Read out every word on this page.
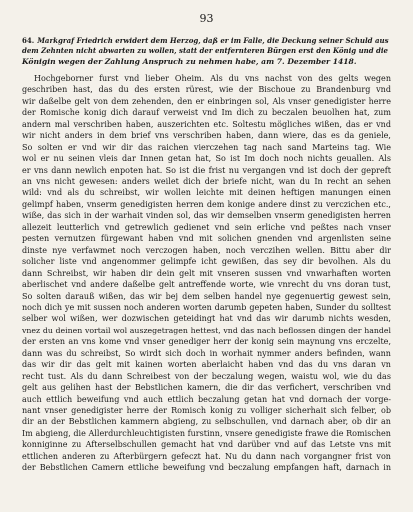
93
64. Markgraf Friedrich erwidert dem Herzog, daß er im Falle, die Deckung seiner Schuld aus
dem Zehnten nicht abwarten zu wollen, statt der entfernteren Bürgen erst den König und die
Königin wegen der Zahlung Anspruch zu nehmen habe, am 7. Dezember 1418.
Hochgeborner furst vnd lieber Oheim. Als du vns nachst von des gelts wegen
geschriben hast, das du des ersten rürest, wie der Bischoue zu Brandenburg vnd
wir daßelbe gelt von dem zehenden, den er einbringen sol, Als vnser genedigister herre
der Romische konig dich darauf verweist vnd Im dich zu beczalen beuolhen hat, zum
andern mal verschriben haben, auszerichten etc. Soltestu mögliches wißen, das er vnd
wir nicht anders in dem brief vns verschriben haben, dann wiere, das es da geniele,
So solten er vnd wir dir das raichen vierczehen tag nach sand Marteins tag. Wie
wol er nu seinen vleis dar Innen getan hat, So ist Im doch noch nichts geuallen. Als
er vns dann newlich enpoten hat. So ist die frist nu vergangen vnd ist doch der gepreft
an vns nicht gewesen: anders weilet dich der briefe nicht, wan du In recht an sehen
wild: vnd als du schreibst, wir wollen leichte mit deinen heftigen manungen einen
gelimpf haben, vnserm genedigisten herren dem konige andere dinst zu verczichen etc.,
wiße, das sich in der warhait vinden sol, das wir demselben vnserm genedigisten herren
allezeit leutterlich vnd getrewlich gedienet vnd sein erliche vnd peßtes nach vnser
pesten vernutzen fürgewant haben vnd mit solichen gnenden vnd argenlisten seine
dinste nye verfawmet noch verczogen haben, noch verczihen wellen. Bittu aber dir
solicher liste vnd angenommer gelimpfe icht gewißen, das sey dir bevolhen. Als du
dann Schreibst, wir haben dir dein gelt mit vnseren sussen vnd vnwarhaften worten
aberlischet vnd andere daßelbe gelt antreffende worte, wie vnrecht du vns doran tust,
So solten darauß wißen, das wir bej dem selben handel nye gegenuertig gewest sein,
noch dich ye mit sussen noch anderen worten darumb gepeten haben, Sunder du solltest
selber wol wißen, wer dozwischen geteidingt hat vnd das wir darumb nichts wesden,
vnez du deinen vortail wol auszegetragen hettest, vnd das nach beflossen dingen der handel
der ersten an vns kome vnd vnser genediger herr der konig sein maynung vns erczelte,
dann was du schreibst, So wirdt sich doch in worhait nymmer anders befinden, wann
das wir dir das gelt mit kainen worten aberlaicht haben vnd das du vns daran vn
recht tust. Als du dann Schreibest von der beczalung wegen, waistu wol, wie du das
gelt aus gelihen hast der Bebstlichen kamern, die dir das verfichert, verschriben vnd
auch ettlich beweifung vnd auch ettlich beczalung getan hat vnd dornach der vorge-
nant vnser genedigister herre der Romisch konig zu volliger sicherhait sich felber, ob
dir an der Bebstlichen kammern abgieng, zu selbschullen, vnd darnach aber, ob dir an
Im abgieng, die Allerdurchleuchtigisten furstinn, vnsere genedigiste frawe die Romischen
konniginne zu Afterselbschullen gemacht hat vnd darüber vnd auf das Letste vns mit
ettlichen anderen zu Afterbürgern gefeczt hat. Nu du dann nach vorgangner frist von
der Bebstlichen Camern ettliche beweifung vnd beczalung empfangen haft, darnach in
